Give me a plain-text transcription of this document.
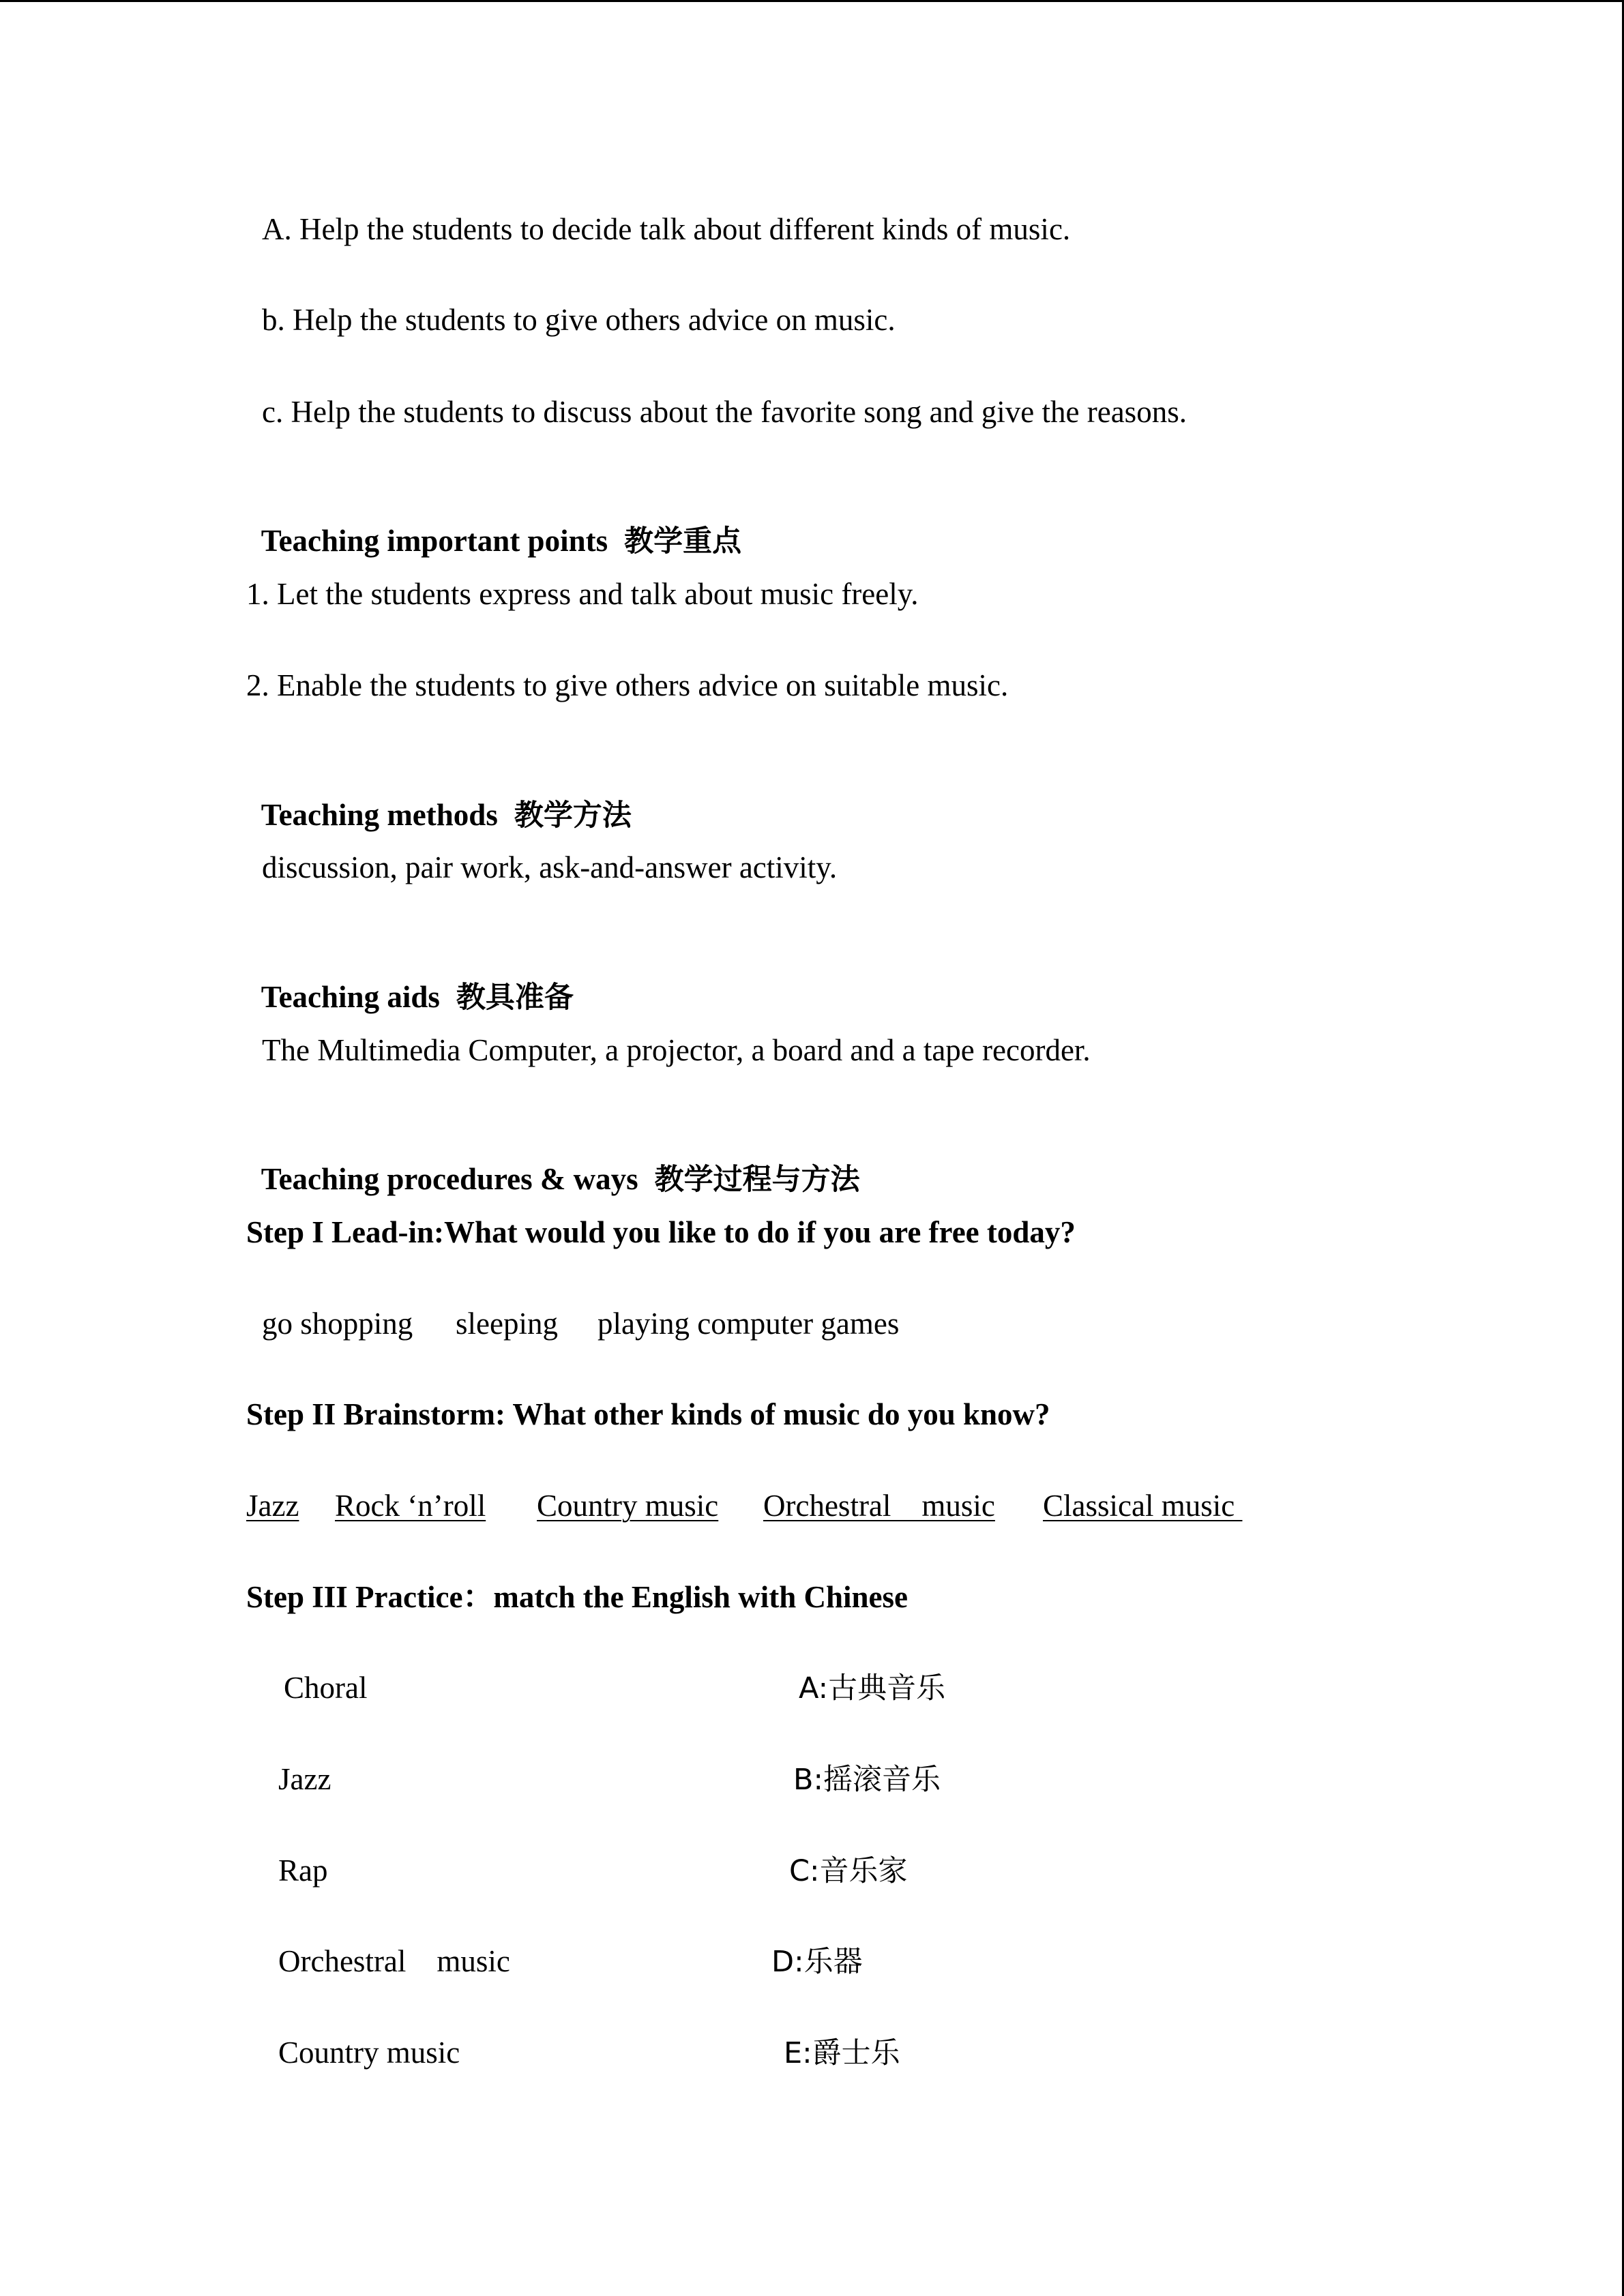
A. Help the students to decide talk about different kinds of music.
b. Help the students to give others advice on music.
c. Help the students to discuss about the favorite song and give the reasons.

Teaching important points 教学重点

1. Let the students express and talk about music freely.
2. Enable the students to give others advice on suitable music.

Teaching methods 教学方法

discussion, pair work, ask-and-answer activity.

Teaching aids 教具准备

The Multimedia Computer, a projector, a board and a tape recorder.

Teaching procedures & ways 教学过程与方法

Step I Lead-in:What would you like to do if you are free today?

go shopping

sleeping

playing computer games

Step II Brainstorm: What other kinds of music do you know?

Jazz

Rock ‘n’roll

Country music

Orchestral    music

Classical music

Step III Practice：match the English with Chinese
Choral	A:古典音乐
Jazz	B:摇滚音乐
Rap	C:音乐家
Orchestral    music	D:乐器
Country music	E:爵士乐
